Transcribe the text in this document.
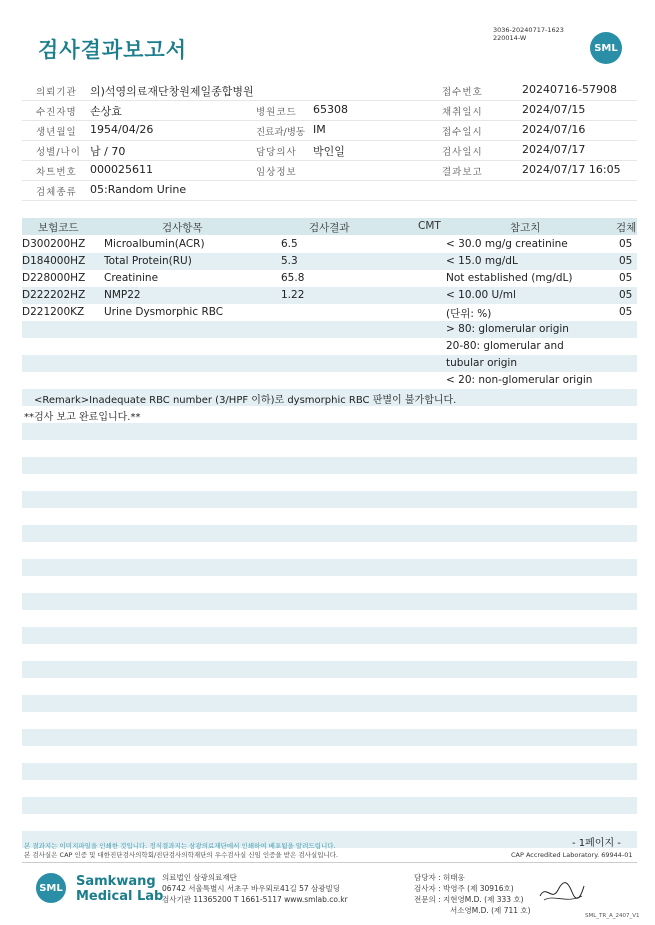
검사결과보고서
3036-20240717-1623
220014-W
SML
의뢰기관 의)석영의료재단창원제일종합병원	접수번호	20240716-57908
수진자명 손상효	병원코드 65308	채취일시	2024/07/15
생년월일 1954/04/26	진료과/병동 IM	접수일시	2024/07/16
성별/나이 남 / 70	담당의사 박인일	검사일시	2024/07/17
차트번호 000025611	임상정보	결과보고	2024/07/17 16:05
검체종류 05:Random Urine
보험코드	검사항목	검사결과	CMT	참고치	검체
D300200HZ Microalbumin(ACR)	6.5	< 30.0 mg/g creatinine	05
D184000HZ Total Protein(RU)	5.3	< 15.0 mg/dL	05
D228000HZ Creatinine	65.8	Not established (mg/dL)	05
D222202HZ NMP22	1.22	< 10.00 U/ml	05
D221200KZ Urine Dysmorphic RBC	(단위: %)	05
> 80: glomerular origin
20-80: glomerular and
tubular origin
< 20: non-glomerular origin
<Remark>Inadequate RBC number (3/HPF 이하)로 dysmorphic RBC 판별이 불가합니다.
**검사 보고 완료입니다.**
- 1페이지 -
본 결과지는 이미지파일을 인쇄한 것입니다. 정식결과지는 삼광의료재단에서 인쇄하여 배포됨을 알려드립니다.
본 검사실은 CAP 인증 및 대한진단검사의학회/진단검사의학재단의 우수검사실 신임 인증을 받은 검사실입니다.	CAP Accredited Laboratory. 69944-01
SML Samkwang
Medical Lab
의료법인 삼광의료재단
06742 서울특별시 서초구 바우뫼로41길 57 삼광빌딩
검사기관 11365200 T 1661-5117 www.smlab.co.kr
담당자 : 허태웅
검사자 : 박영주 (제 30916호)
전문의 : 지현영M.D. (제 333 호)
서소영M.D. (제 711 호)
SML_TR_A_2407_V1
